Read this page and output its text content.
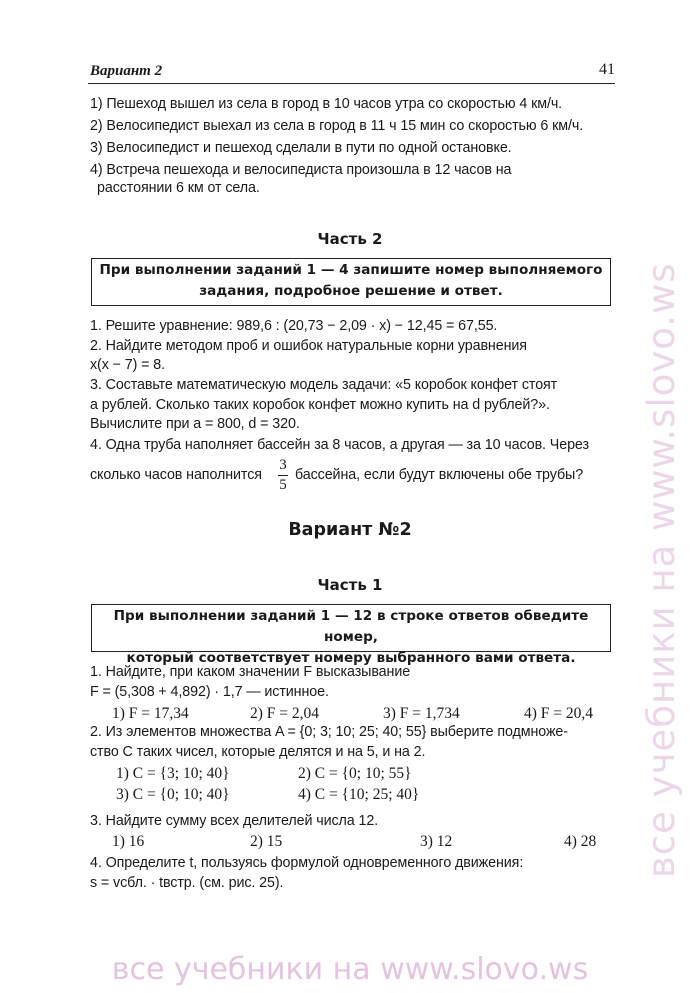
Вариант 2	41
1) Пешеход вышел из села в город в 10 часов утра со скоростью 4 км/ч.
2) Велосипедист выехал из села в город в 11 ч 15 мин со скоростью 6 км/ч.
3) Велосипедист и пешеход сделали в пути по одной остановке.
4) Встреча пешехода и велосипедиста произошла в 12 часов на
расстоянии 6 км от села.
Часть 2
При выполнении заданий 1 — 4 запишите номер выполняемого
задания, подробное решение и ответ.
1. Решите уравнение: 989,6 : (20,73 − 2,09 · x) − 12,45 = 67,55.
2. Найдите методом проб и ошибок натуральные корни уравнения
x(x − 7) = 8.
3. Составьте математическую модель задачи: «5 коробок конфет стоят
a рублей. Сколько таких коробок конфет можно купить на d рублей?».
Вычислите при a = 800, d = 320.
4. Одна труба наполняет бассейн за 8 часов, а другая — за 10 часов. Через
сколько часов наполнится
3
5
бассейна, если будут включены обе трубы?
Вариант №2
Часть 1
При выполнении заданий 1 — 12 в строке ответов обведите номер,
который соответствует номеру выбранного вами ответа.
1. Найдите, при каком значении F высказывание
F = (5,308 + 4,892) · 1,7 — истинное.
1) F = 17,34	2) F = 2,04	3) F = 1,734	4) F = 20,4
2. Из элементов множества A = {0; 3; 10; 25; 40; 55} выберите подмноже-
ство C таких чисел, которые делятся и на 5, и на 2.
1) C = {3; 10; 40}	2) C = {0; 10; 55}
3) C = {0; 10; 40}	4) C = {10; 25; 40}
3. Найдите сумму всех делителей числа 12.
1) 16	2) 15	3) 12	4) 28
4. Определите t, пользуясь формулой одновременного движения:
s = vсбл. · tвстр. (см. рис. 25).
все учебники на www.slovo.ws
все учебники на www.slovo.ws
